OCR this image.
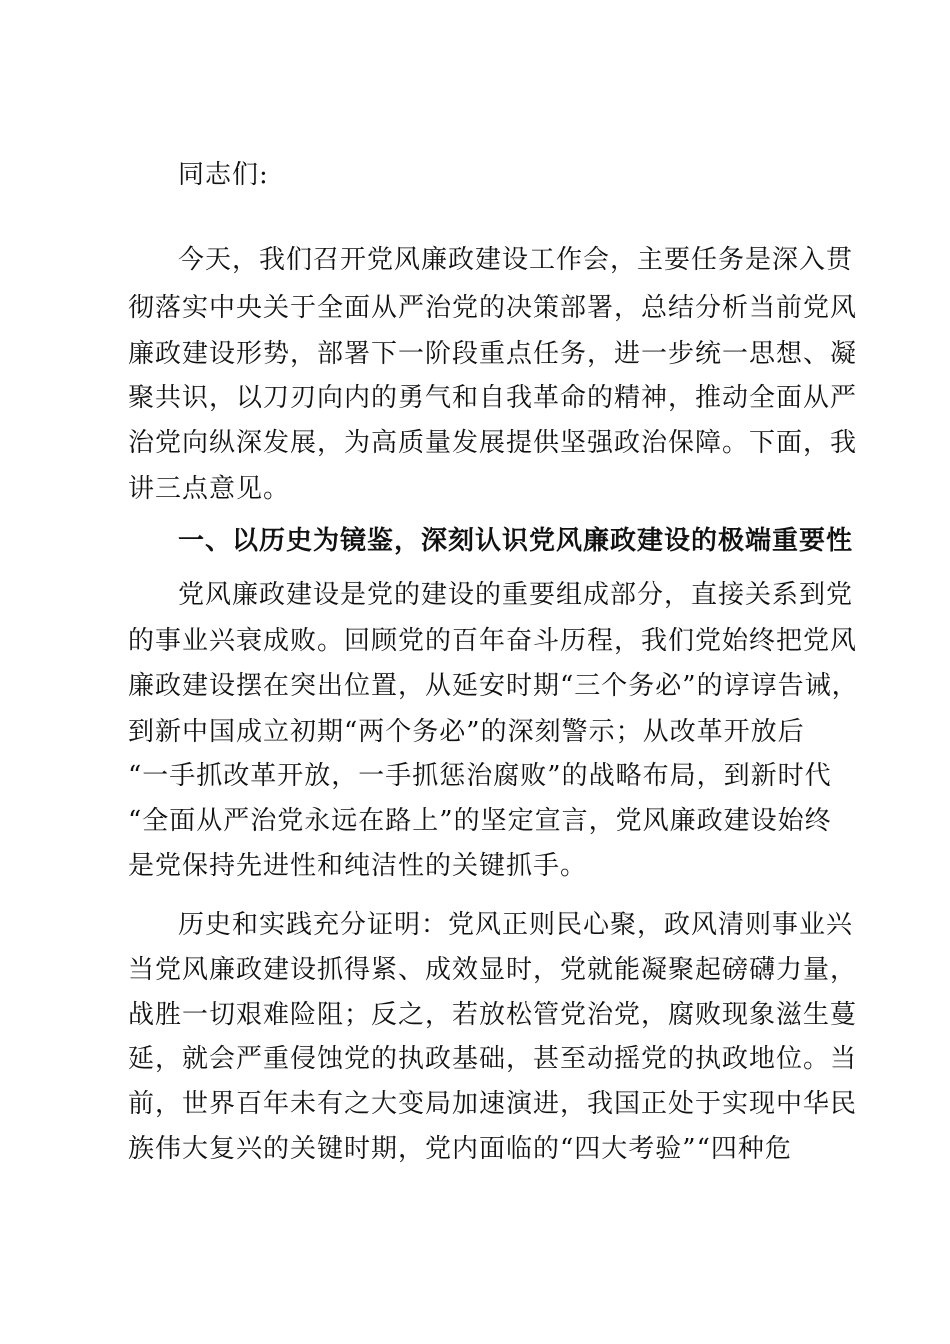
同志们:
今天，我们召开党风廉政建设工作会，主要任务是深入贯
彻落实中央关于全面从严治党的决策部署，总结分析当前党风
廉政建设形势，部署下一阶段重点任务，进一步统一思想、凝
聚共识，以刀刃向内的勇气和自我革命的精神，推动全面从严
治党向纵深发展，为高质量发展提供坚强政治保障。下面，我
讲三点意见。
一、以历史为镜鉴，深刻认识党风廉政建设的极端重要性
党风廉政建设是党的建设的重要组成部分，直接关系到党
的事业兴衰成败。回顾党的百年奋斗历程，我们党始终把党风
廉政建设摆在突出位置，从延安时期“三个务必”的谆谆告诫，
到新中国成立初期“两个务必”的深刻警示；从改革开放后
“一手抓改革开放，一手抓惩治腐败”的战略布局，到新时代
“全面从严治党永远在路上”的坚定宣言，党风廉政建设始终
是党保持先进性和纯洁性的关键抓手。
历史和实践充分证明：党风正则民心聚，政风清则事业兴
当党风廉政建设抓得紧、成效显时，党就能凝聚起磅礴力量，
战胜一切艰难险阻；反之，若放松管党治党，腐败现象滋生蔓
延，就会严重侵蚀党的执政基础，甚至动摇党的执政地位。当
前，世界百年未有之大变局加速演进，我国正处于实现中华民
族伟大复兴的关键时期，党内面临的“四大考验”“四种危
